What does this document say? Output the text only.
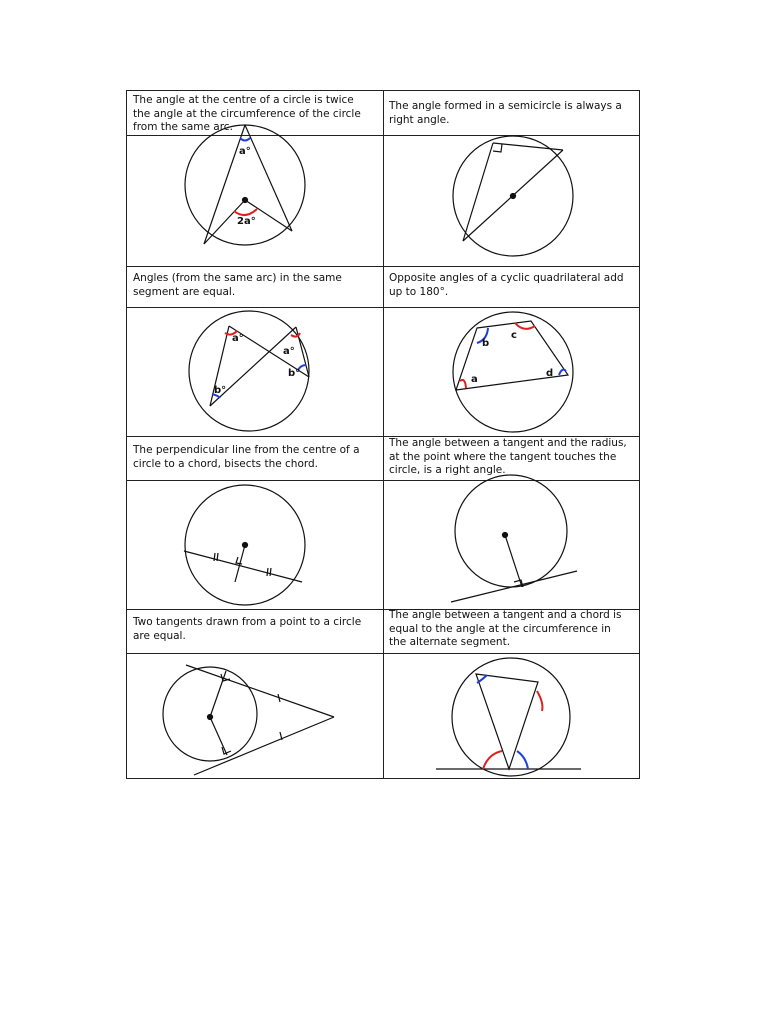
The angle at the centre of a circle is twice the angle at the circumference of the circle from the same arc.
The angle formed in a semicircle is always a right angle.
Angles (from the same arc) in the same segment are equal.
Opposite angles of a cyclic quadrilateral add up to 180°.
The perpendicular line from the centre of a circle to a chord, bisects the chord.
The angle between a tangent and the radius, at the point where the tangent touches the circle, is a right angle.
Two tangents drawn from a point to a circle are equal.
The angle between a tangent and a chord is equal to the angle at the circumference in the alternate segment.
a°
2a°
a°
a°
b°
b°
b
c
a
d
